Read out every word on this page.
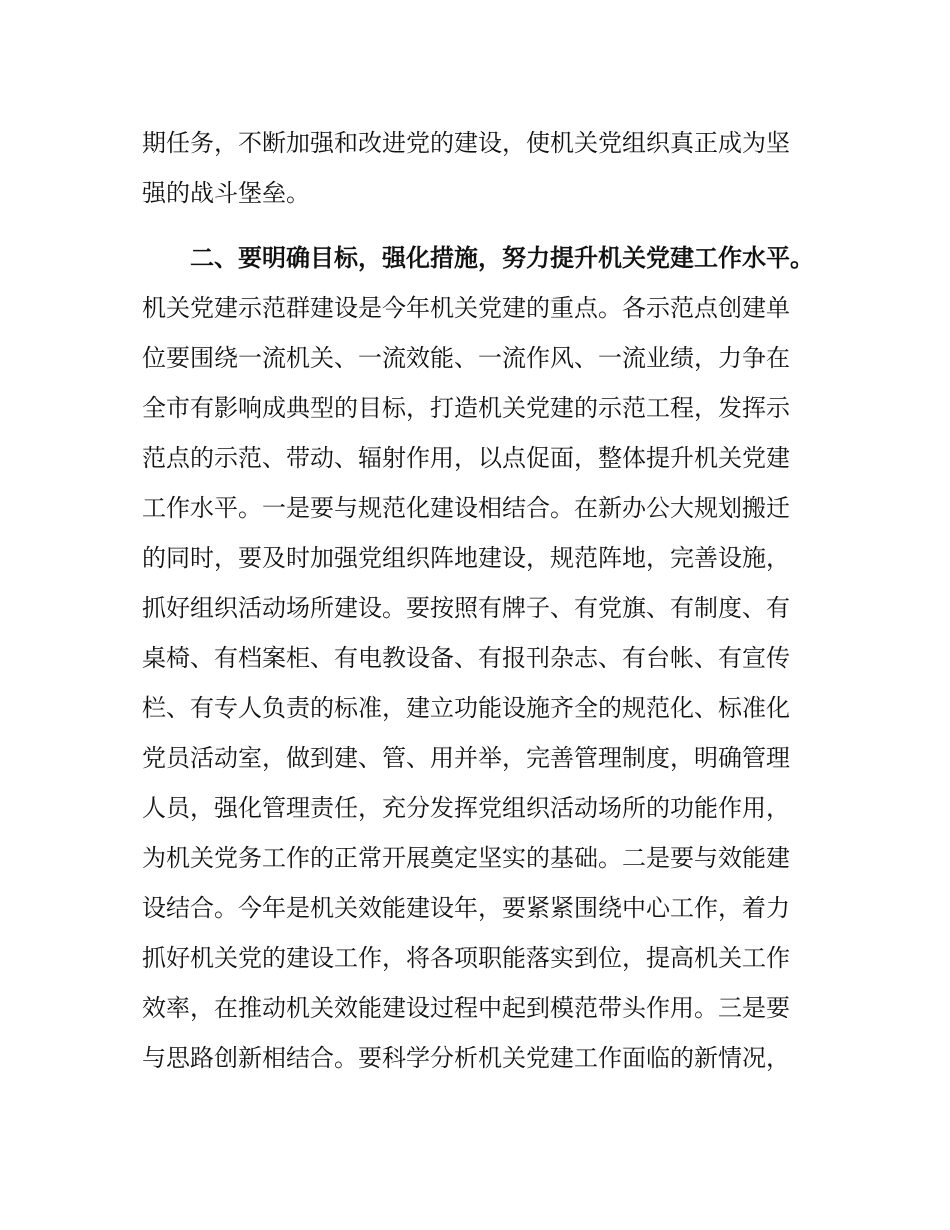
期任务，不断加强和改进党的建设，使机关党组织真正成为坚
强的战斗堡垒。
二、要明确目标，强化措施，努力提升机关党建工作水平。
机关党建示范群建设是今年机关党建的重点。各示范点创建单
位要围绕一流机关、一流效能、一流作风、一流业绩，力争在
全市有影响成典型的目标，打造机关党建的示范工程，发挥示
范点的示范、带动、辐射作用，以点促面，整体提升机关党建
工作水平。一是要与规范化建设相结合。在新办公大规划搬迁
的同时，要及时加强党组织阵地建设，规范阵地，完善设施，
抓好组织活动场所建设。要按照有牌子、有党旗、有制度、有
桌椅、有档案柜、有电教设备、有报刊杂志、有台帐、有宣传
栏、有专人负责的标准，建立功能设施齐全的规范化、标准化
党员活动室，做到建、管、用并举，完善管理制度，明确管理
人员，强化管理责任，充分发挥党组织活动场所的功能作用，
为机关党务工作的正常开展奠定坚实的基础。二是要与效能建
设结合。今年是机关效能建设年，要紧紧围绕中心工作，着力
抓好机关党的建设工作，将各项职能落实到位，提高机关工作
效率，在推动机关效能建设过程中起到模范带头作用。三是要
与思路创新相结合。要科学分析机关党建工作面临的新情况，
